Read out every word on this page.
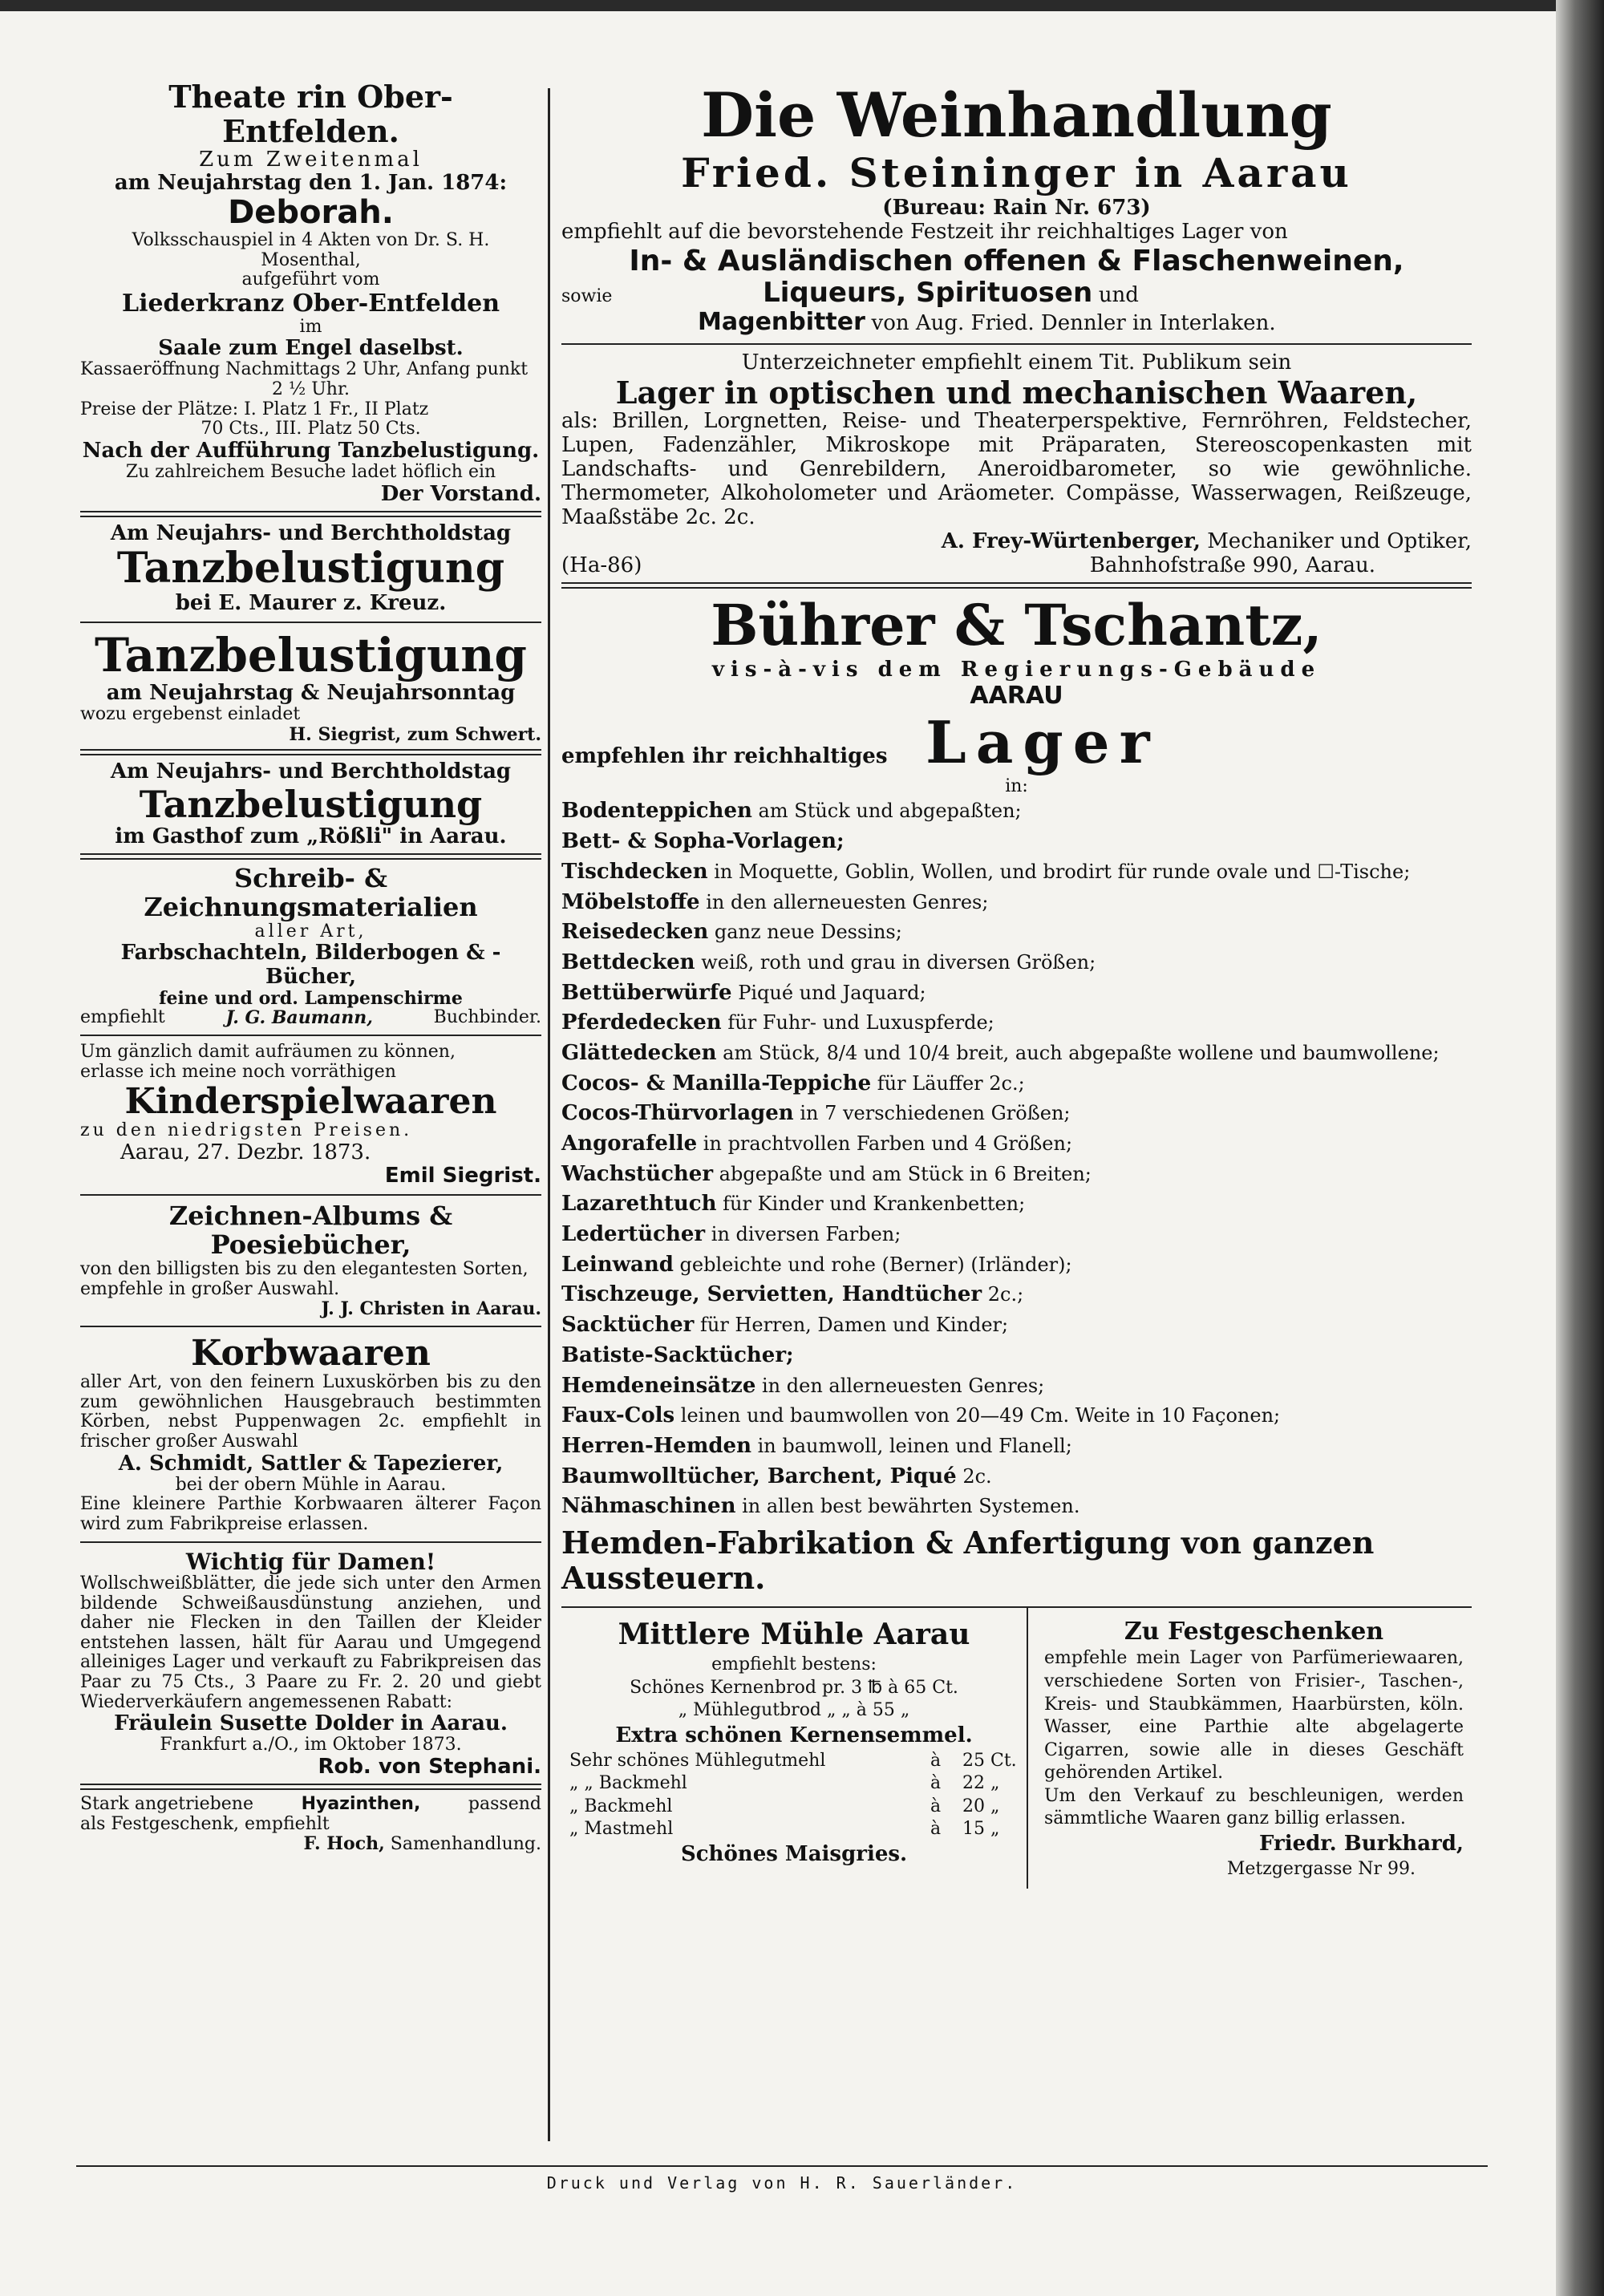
Theate rin Ober-Entfelden.
Zum Zweitenmal
am Neujahrstag den 1. Jan. 1874:
Deborah.
Volksschauspiel in 4 Akten von Dr. S. H. Mosenthal,
aufgeführt vom
Liederkranz Ober-Entfelden
im
Saale zum Engel daselbst.
Kassaeröffnung Nachmittags 2 Uhr, Anfang punkt
2 ½ Uhr.
Preise der Plätze: I. Platz 1 Fr., II Platz
70 Cts., III. Platz 50 Cts.
Nach der Aufführung Tanzbelustigung.
Zu zahlreichem Besuche ladet höflich ein
Der Vorstand.
Am Neujahrs- und Berchtholdstag
Tanzbelustigung
bei E. Maurer z. Kreuz.
Tanzbelustigung
am Neujahrstag & Neujahrsonntag
wozu ergebenst einladet
H. Siegrist, zum Schwert.
Am Neujahrs- und Berchtholdstag
Tanzbelustigung
im Gasthof zum „Rößli" in Aarau.
Schreib- & Zeichnungsmaterialien
aller Art,
Farbschachteln, Bilderbogen & -Bücher,
feine und ord. Lampenschirme
empfiehlt	J. G. Baumann,	Buchbinder.
Um gänzlich damit aufräumen zu können,
erlasse ich meine noch vorräthigen
Kinderspielwaaren
zu den niedrigsten Preisen.
Aarau, 27. Dezbr. 1873.
Emil Siegrist.
Zeichnen-Albums & Poesiebücher,
von den billigsten bis zu den elegantesten Sorten,
empfehle in großer Auswahl.
J. J. Christen in Aarau.
Korbwaaren
aller Art, von den feinern Luxuskörben bis zu den zum gewöhnlichen Hausgebrauch bestimmten Körben, nebst Puppenwagen 2c. empfiehlt in frischer großer Auswahl
A. Schmidt, Sattler & Tapezierer,
bei der obern Mühle in Aarau.
Eine kleinere Parthie Korbwaaren älterer Façon wird zum Fabrikpreise erlassen.
Wichtig für Damen!
Wollschweißblätter, die jede sich unter den Armen bildende Schweißausdünstung anziehen, und daher nie Flecken in den Taillen der Kleider entstehen lassen, hält für Aarau und Umgegend alleiniges Lager und verkauft zu Fabrikpreisen das Paar zu 75 Cts., 3 Paare zu Fr. 2. 20 und giebt Wiederverkäufern angemessenen Rabatt:
Fräulein Susette Dolder in Aarau.
Frankfurt a./O., im Oktober 1873.
Rob. von Stephani.
Stark angetriebene	Hyazinthen,	passend
als Festgeschenk, empfiehlt
F. Hoch, Samenhandlung.
Die Weinhandlung
Fried. Steininger in Aarau
(Bureau: Rain Nr. 673)
empfiehlt auf die bevorstehende Festzeit ihr reichhaltiges Lager von
In- & Ausländischen offenen & Flaschenweinen,
sowie	Liqueurs, Spirituosen und
Magenbitter von Aug. Fried. Dennler in Interlaken.
Unterzeichneter empfiehlt einem Tit. Publikum sein
Lager in optischen und mechanischen Waaren,
als: Brillen, Lorgnetten, Reise- und Theaterperspektive, Fernröhren, Feldstecher, Lupen, Fadenzähler, Mikroskope mit Präparaten, Stereoscopenkasten mit Landschafts- und Genrebildern, Aneroidbarometer, so wie gewöhnliche. Thermometer, Alkoholometer und Aräometer. Compässe, Wasserwagen, Reißzeuge, Maaßstäbe 2c. 2c.
A. Frey-Würtenberger, Mechaniker und Optiker,
(Ha-86)	Bahnhofstraße 990, Aarau.
Bührer & Tschantz,
vis-à-vis dem Regierungs-Gebäude
AARAU
empfehlen ihr reichhaltiges Lager
in:
Bodenteppichen am Stück und abgepaßten;
Bett- & Sopha-Vorlagen;
Tischdecken in Moquette, Goblin, Wollen, und brodirt für runde ovale und ☐-Tische;
Möbelstoffe in den allerneuesten Genres;
Reisedecken ganz neue Dessins;
Bettdecken weiß, roth und grau in diversen Größen;
Bettüberwürfe Piqué und Jaquard;
Pferdedecken für Fuhr- und Luxuspferde;
Glättedecken am Stück, 8/4 und 10/4 breit, auch abgepaßte wollene und baumwollene;
Cocos- & Manilla-Teppiche für Läuffer 2c.;
Cocos-Thürvorlagen in 7 verschiedenen Größen;
Angorafelle in prachtvollen Farben und 4 Größen;
Wachstücher abgepaßte und am Stück in 6 Breiten;
Lazarethtuch für Kinder und Krankenbetten;
Ledertücher in diversen Farben;
Leinwand gebleichte und rohe (Berner) (Irländer);
Tischzeuge, Servietten, Handtücher 2c.;
Sacktücher für Herren, Damen und Kinder;
Batiste-Sacktücher;
Hemdeneinsätze in den allerneuesten Genres;
Faux-Cols leinen und baumwollen von 20—49 Cm. Weite in 10 Façonen;
Herren-Hemden in baumwoll, leinen und Flanell;
Baumwolltücher, Barchent, Piqué 2c.
Nähmaschinen in allen best bewährten Systemen.
Hemden-Fabrikation & Anfertigung von ganzen Aussteuern.
Mittlere Mühle Aarau
empfiehlt bestens:
Schönes Kernenbrod pr. 3 ℔ à 65 Ct.
„ Mühlegutbrod „ „ à 55 „
Extra schönen Kernensemmel.
Sehr schönes Mühlegutmehl	à	25 Ct.
„ „ Backmehl	à	22 „
„ Backmehl	à	20 „
„ Mastmehl	à	15 „
Schönes Maisgries.
Zu Festgeschenken
empfehle mein Lager von Parfümeriewaaren, verschiedene Sorten von Frisier-, Taschen-, Kreis- und Staubkämmen, Haarbürsten, köln. Wasser, eine Parthie alte abgelagerte Cigarren, sowie alle in dieses Geschäft gehörenden Artikel.
Um den Verkauf zu beschleunigen, werden sämmtliche Waaren ganz billig erlassen.
Friedr. Burkhard,
Metzgergasse Nr 99.
Druck und Verlag von H. R. Sauerländer.
